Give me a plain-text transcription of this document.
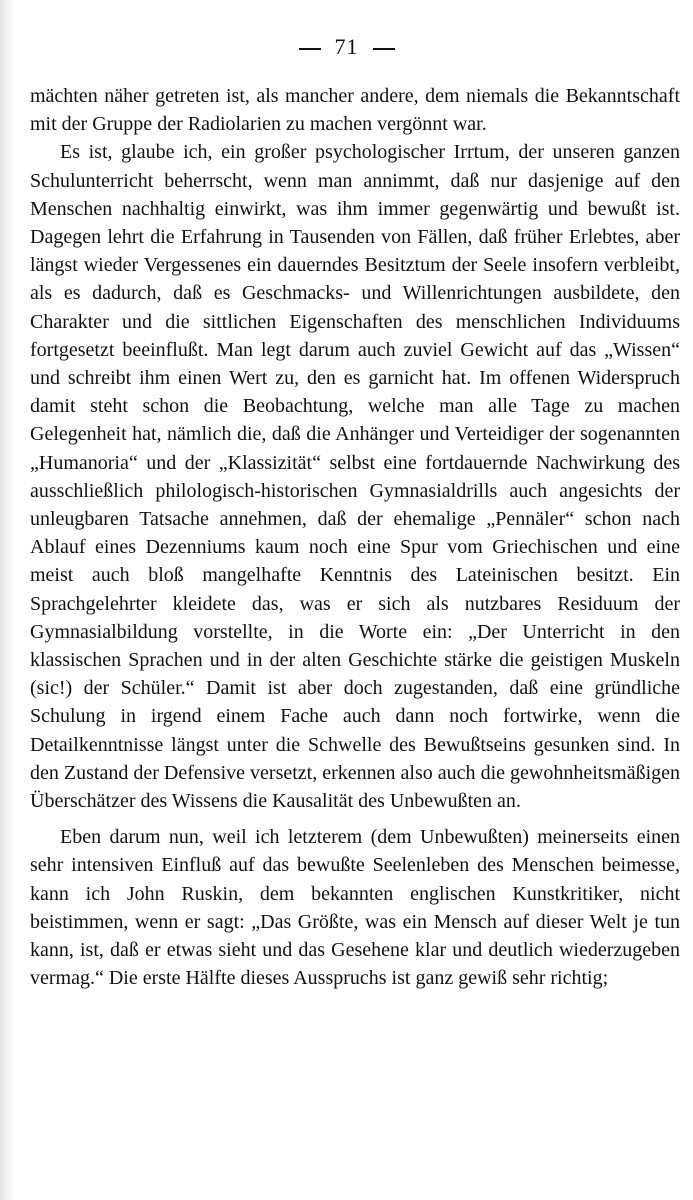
71

mächten näher getreten ist, als mancher andere, dem niemals die Bekanntschaft mit der Gruppe der Radiolarien zu machen vergönnt war.

Es ist, glaube ich, ein großer psychologischer Irrtum, der unseren ganzen Schulunterricht beherrscht, wenn man annimmt, daß nur dasjenige auf den Menschen nachhaltig einwirkt, was ihm immer gegenwärtig und bewußt ist. Dagegen lehrt die Erfahrung in Tausenden von Fällen, daß früher Erlebtes, aber längst wieder Vergessenes ein dauerndes Besitztum der Seele insofern verbleibt, als es dadurch, daß es Geschmacks- und Willenrichtungen ausbildete, den Charakter und die sittlichen Eigenschaften des menschlichen Individuums fortgesetzt beeinflußt. Man legt darum auch zuviel Gewicht auf das „Wissen“ und schreibt ihm einen Wert zu, den es garnicht hat. Im offenen Widerspruch damit steht schon die Beobachtung, welche man alle Tage zu machen Gelegenheit hat, nämlich die, daß die Anhänger und Verteidiger der sogenannten „Humanoria“ und der „Klassizität“ selbst eine fortdauernde Nachwirkung des ausschließlich philologisch-historischen Gymnasialdrills auch angesichts der unleugbaren Tatsache annehmen, daß der ehemalige „Pennäler“ schon nach Ablauf eines Dezenniums kaum noch eine Spur vom Griechischen und eine meist auch bloß mangelhafte Kenntnis des Lateinischen besitzt. Ein Sprachgelehrter kleidete das, was er sich als nutzbares Residuum der Gymnasialbildung vorstellte, in die Worte ein: „Der Unterricht in den klassischen Sprachen und in der alten Geschichte stärke die geistigen Muskeln (sic!) der Schüler.“ Damit ist aber doch zugestanden, daß eine gründliche Schulung in irgend einem Fache auch dann noch fortwirke, wenn die Detailkenntnisse längst unter die Schwelle des Bewußtseins gesunken sind. In den Zustand der Defensive versetzt, erkennen also auch die gewohnheitsmäßigen Überschätzer des Wissens die Kausalität des Unbewußten an.

Eben darum nun, weil ich letzterem (dem Unbewußten) meinerseits einen sehr intensiven Einfluß auf das bewußte Seelenleben des Menschen beimesse, kann ich John Ruskin, dem bekannten englischen Kunstkritiker, nicht beistimmen, wenn er sagt: „Das Größte, was ein Mensch auf dieser Welt je tun kann, ist, daß er etwas sieht und das Gesehene klar und deutlich wiederzugeben vermag.“ Die erste Hälfte dieses Ausspruchs ist ganz gewiß sehr richtig;
